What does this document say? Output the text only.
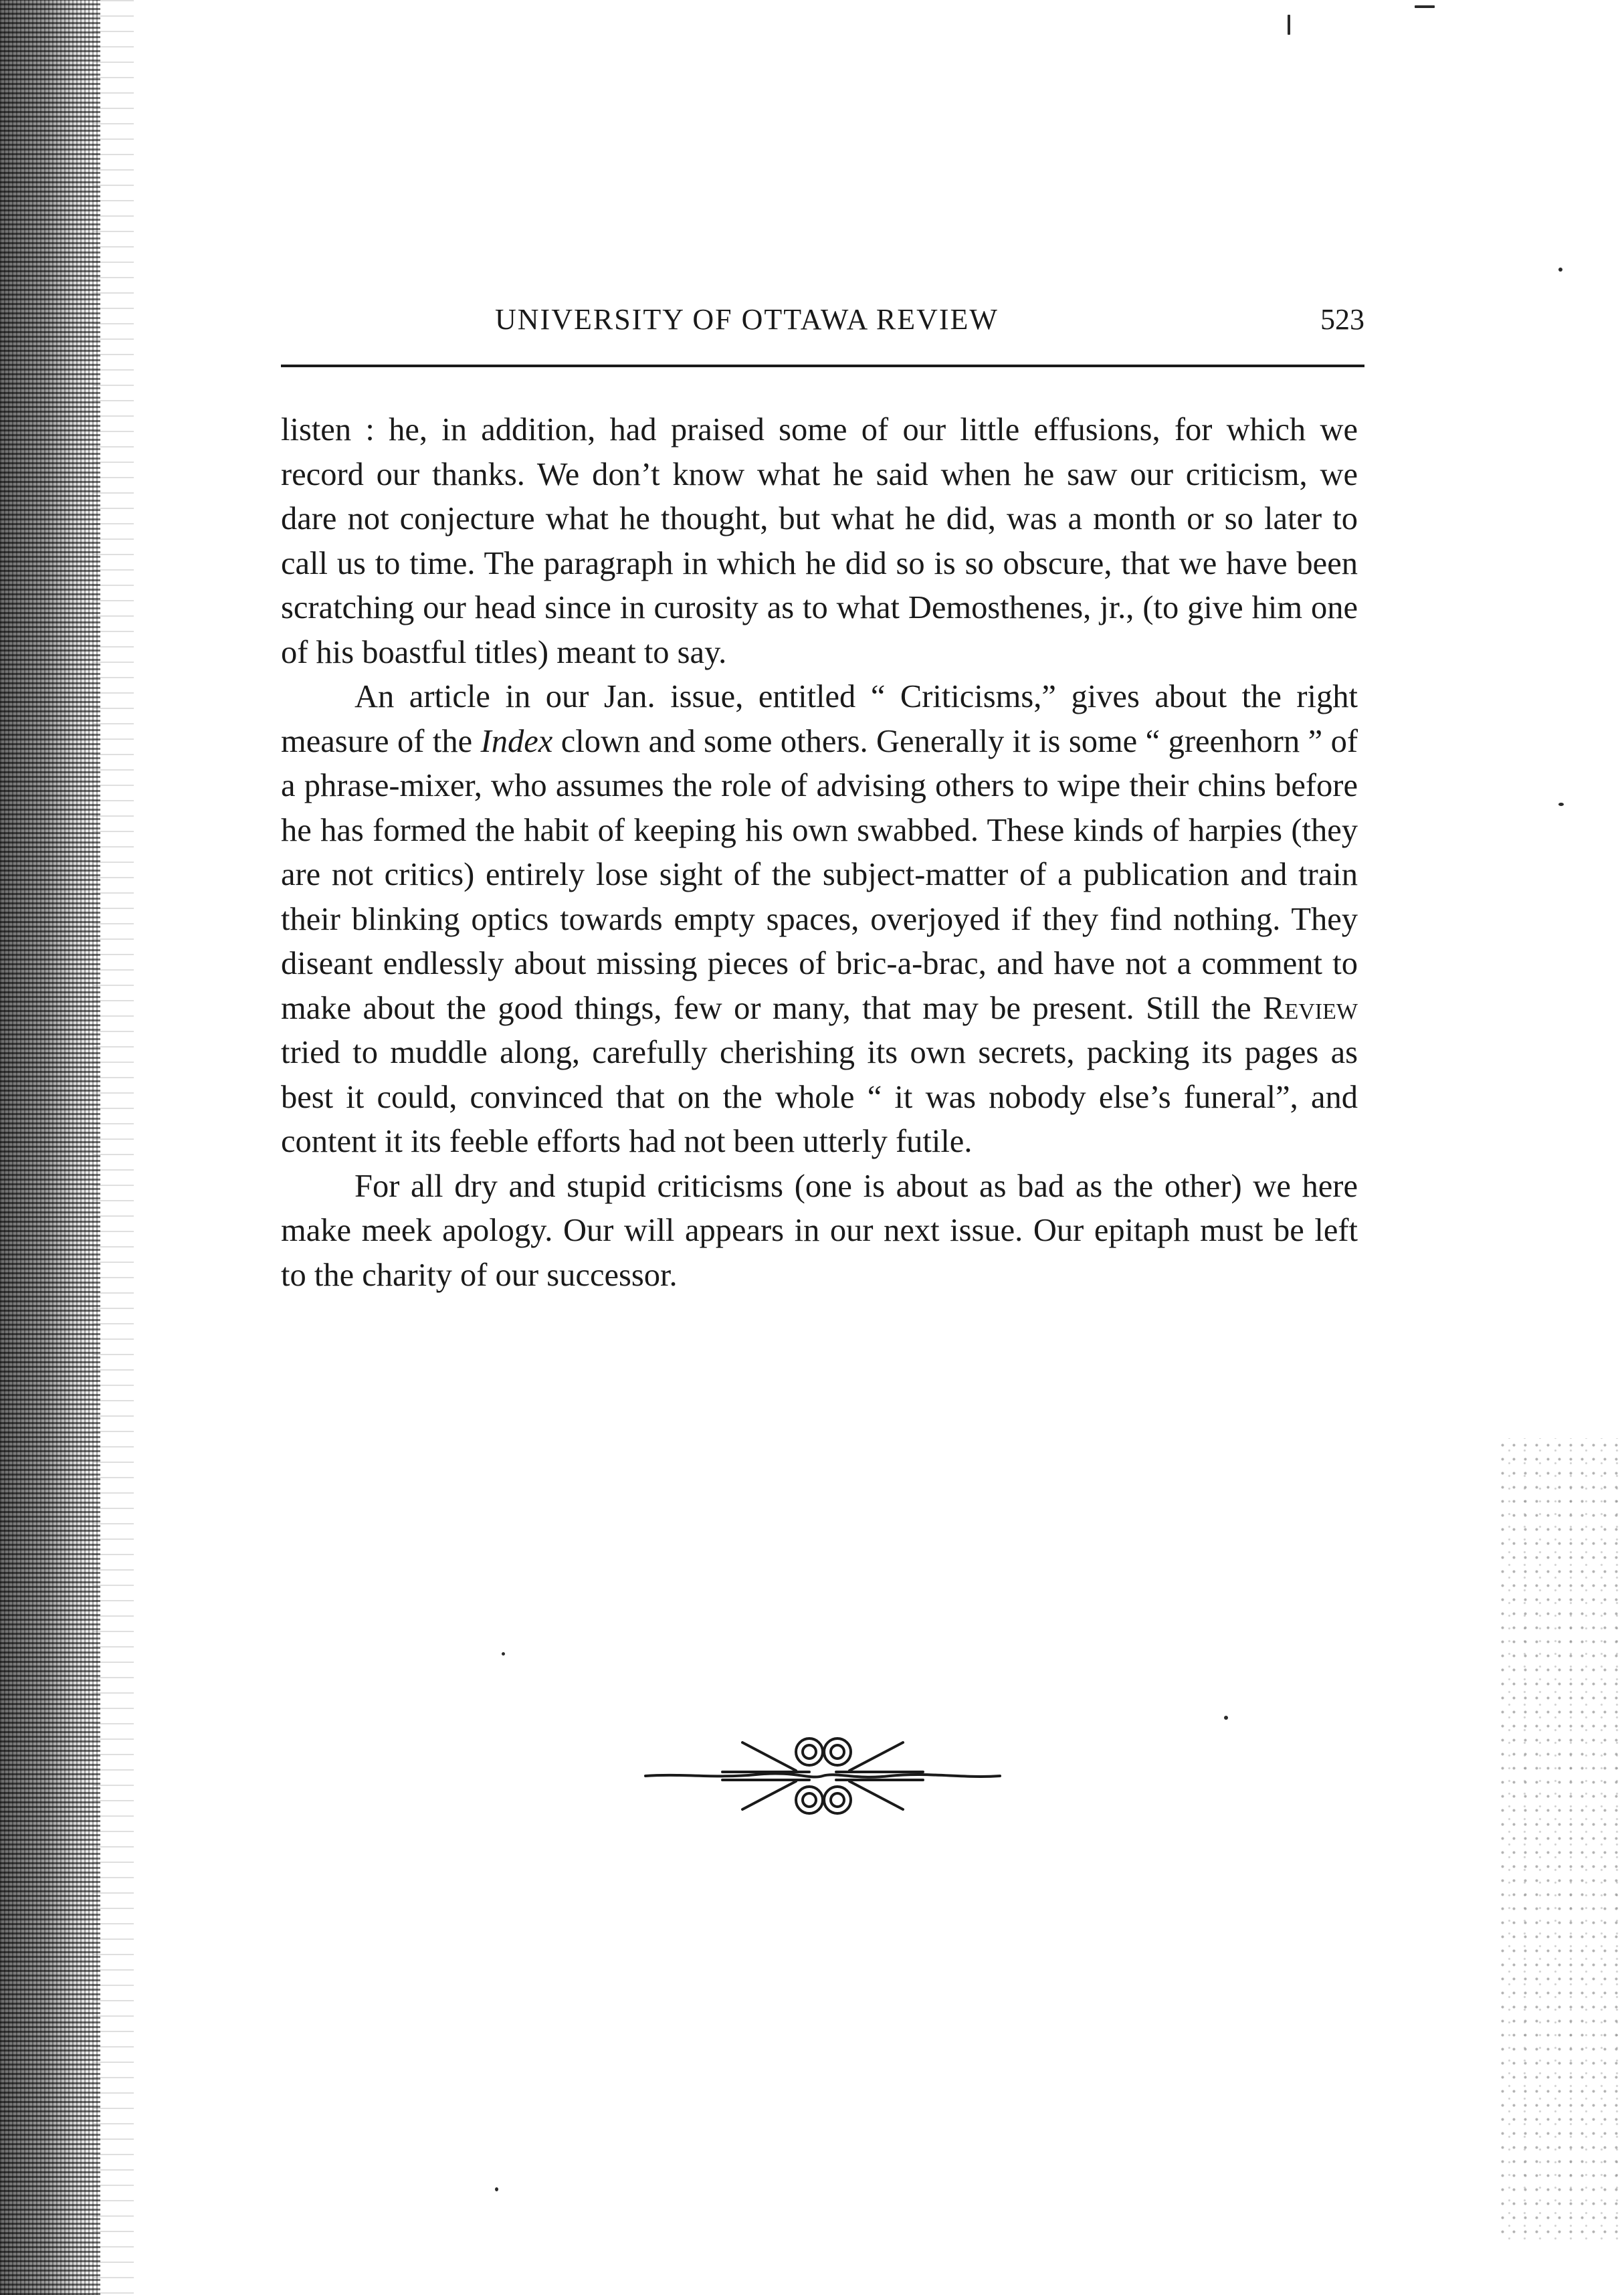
UNIVERSITY OF OTTAWA REVIEW	523

listen : he, in addition, had praised some of our little effusions, for which we record our thanks. We don’t know what he said when he saw our criticism, we dare not conjecture what he thought, but what he did, was a month or so later to call us to time. The paragraph in which he did so is so obscure, that we have been scratching our head since in curosity as to what Demosthenes, jr., (to give him one of his boastful titles) meant to say.

An article in our Jan. issue, entitled “ Criticisms,” gives about the right measure of the Index clown and some others. Generally it is some “ greenhorn ” of a phrase-mixer, who assumes the role of advising others to wipe their chins before he has formed the habit of keeping his own swabbed. These kinds of harpies (they are not critics) entirely lose sight of the subject-matter of a publication and train their blinking optics towards empty spaces, overjoyed if they find nothing. They diseant endlessly about missing pieces of bric-a-brac, and have not a comment to make about the good things, few or many, that may be present. Still the Review tried to muddle along, carefully cherishing its own secrets, packing its pages as best it could, convinced that on the whole “ it was nobody else’s funeral”, and content it its feeble efforts had not been utterly futile.

For all dry and stupid criticisms (one is about as bad as the other) we here make meek apology. Our will appears in our next issue. Our epitaph must be left to the charity of our successor.
